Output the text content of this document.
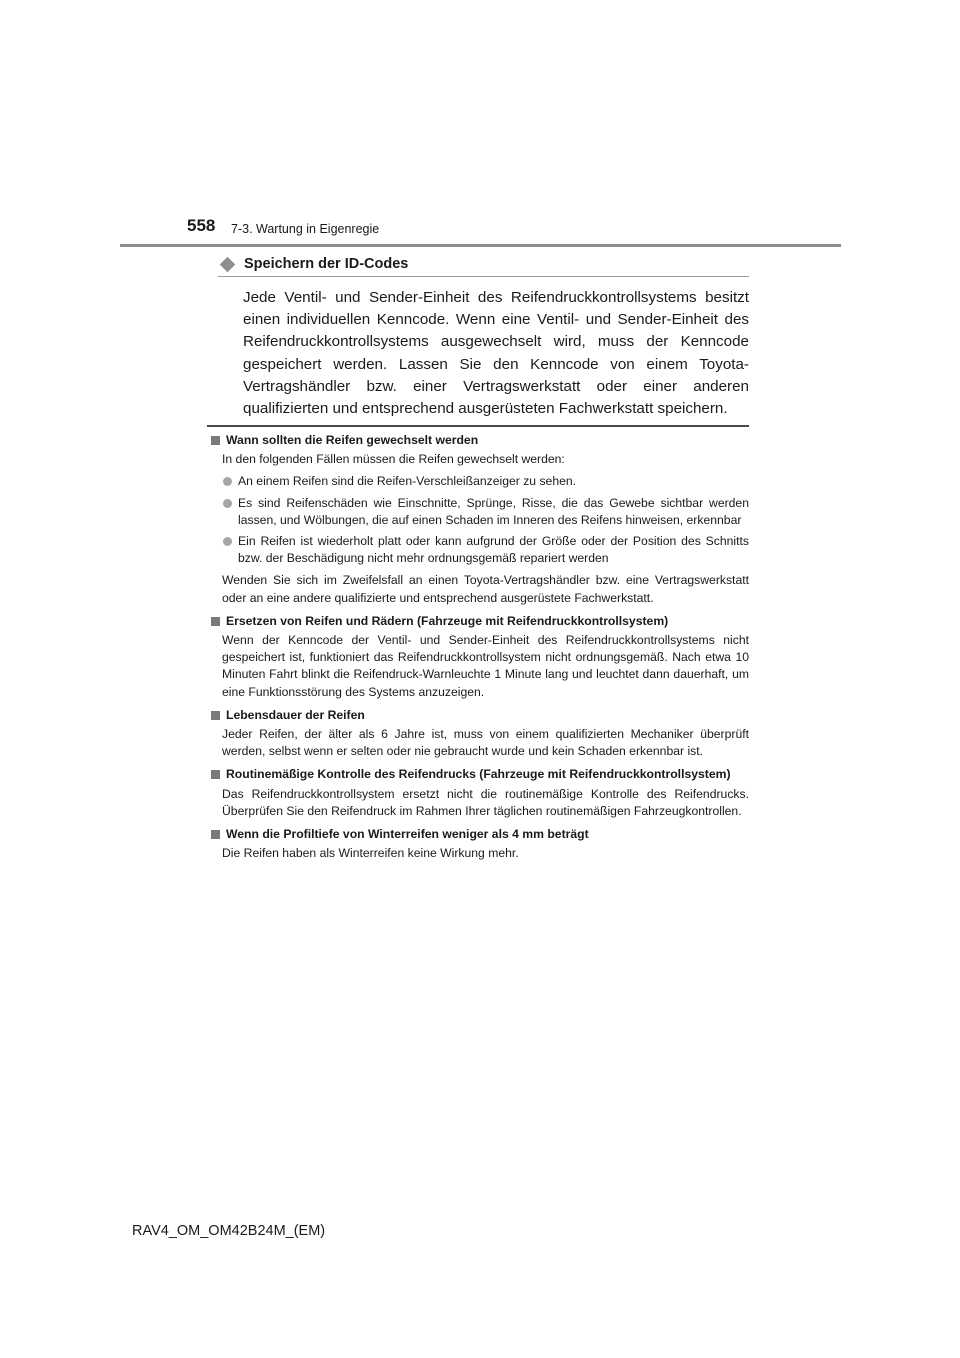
558 7-3. Wartung in Eigenregie
Speichern der ID-Codes
Jede Ventil- und Sender-Einheit des Reifendruckkontrollsystems besitzt einen individuellen Kenncode. Wenn eine Ventil- und Sender-Einheit des Reifendruckkontrollsystems ausgewechselt wird, muss der Kenncode gespeichert werden. Lassen Sie den Kenncode von einem Toyota-Vertragshändler bzw. einer Vertragswerkstatt oder einer anderen qualifizierten und entsprechend ausgerüsteten Fachwerkstatt speichern.
Wann sollten die Reifen gewechselt werden
In den folgenden Fällen müssen die Reifen gewechselt werden:
An einem Reifen sind die Reifen-Verschleißanzeiger zu sehen.
Es sind Reifenschäden wie Einschnitte, Sprünge, Risse, die das Gewebe sichtbar werden lassen, und Wölbungen, die auf einen Schaden im Inneren des Reifens hinweisen, erkennbar
Ein Reifen ist wiederholt platt oder kann aufgrund der Größe oder der Position des Schnitts bzw. der Beschädigung nicht mehr ordnungsgemäß repariert werden
Wenden Sie sich im Zweifelsfall an einen Toyota-Vertragshändler bzw. eine Vertragswerkstatt oder an eine andere qualifizierte und entsprechend ausgerüstete Fachwerkstatt.
Ersetzen von Reifen und Rädern (Fahrzeuge mit Reifendruckkontrollsystem)
Wenn der Kenncode der Ventil- und Sender-Einheit des Reifendruckkontrollsystems nicht gespeichert ist, funktioniert das Reifendruckkontrollsystem nicht ordnungsgemäß. Nach etwa 10 Minuten Fahrt blinkt die Reifendruck-Warnleuchte 1 Minute lang und leuchtet dann dauerhaft, um eine Funktionsstörung des Systems anzuzeigen.
Lebensdauer der Reifen
Jeder Reifen, der älter als 6 Jahre ist, muss von einem qualifizierten Mechaniker überprüft werden, selbst wenn er selten oder nie gebraucht wurde und kein Schaden erkennbar ist.
Routinemäßige Kontrolle des Reifendrucks (Fahrzeuge mit Reifendruckkontrollsystem)
Das Reifendruckkontrollsystem ersetzt nicht die routinemäßige Kontrolle des Reifendrucks. Überprüfen Sie den Reifendruck im Rahmen Ihrer täglichen routinemäßigen Fahrzeugkontrollen.
Wenn die Profiltiefe von Winterreifen weniger als 4 mm beträgt
Die Reifen haben als Winterreifen keine Wirkung mehr.
RAV4_OM_OM42B24M_(EM)
